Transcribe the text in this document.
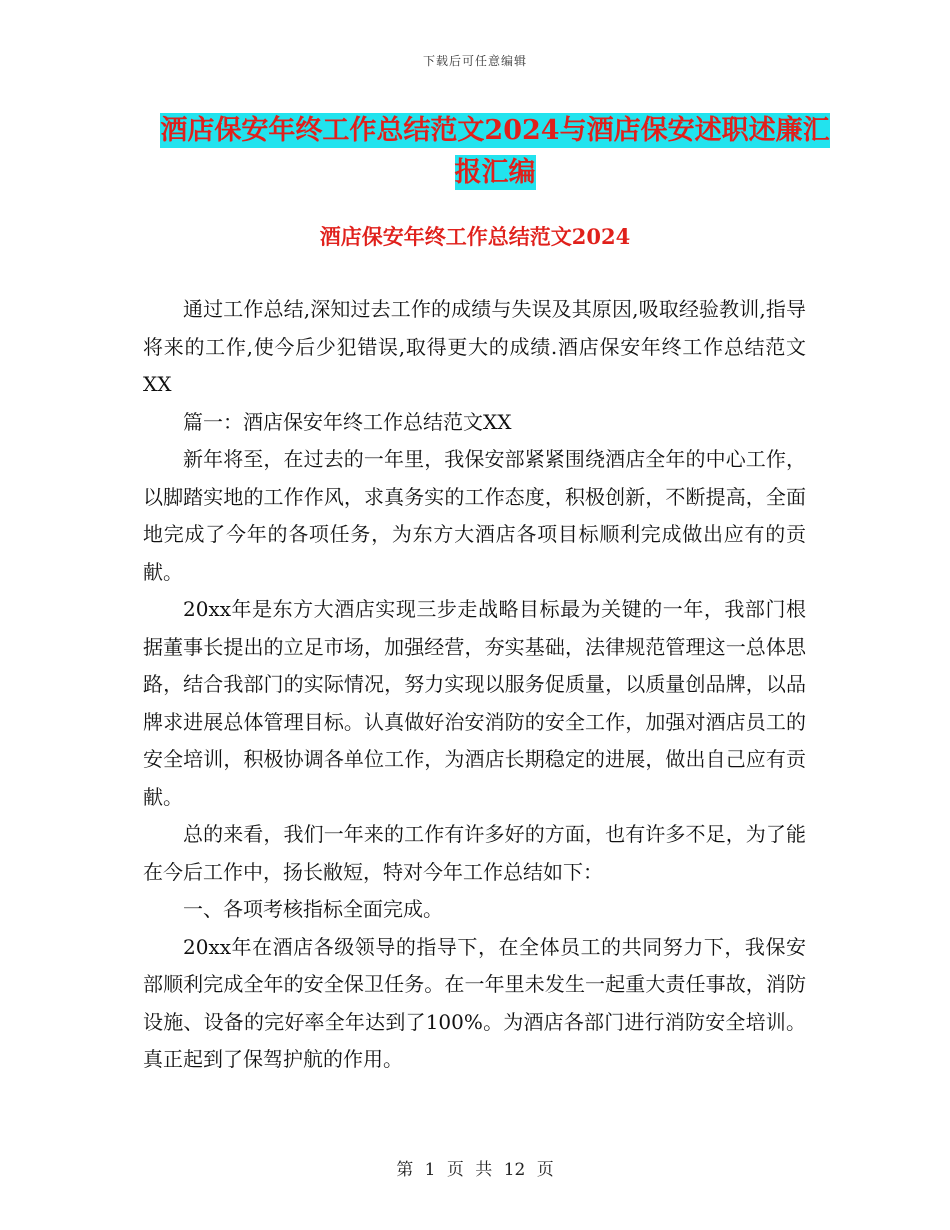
下载后可任意编辑
酒店保安年终工作总结范文2024与酒店保安述职述廉汇报汇编
酒店保安年终工作总结范文2024

通过工作总结,深知过去工作的成绩与失误及其原因,吸取经验教训,指导将来的工作,使今后少犯错误,取得更大的成绩.酒店保安年终工作总结范文XX

篇一：酒店保安年终工作总结范文XX

新年将至，在过去的一年里，我保安部紧紧围绕酒店全年的中心工作，以脚踏实地的工作作风，求真务实的工作态度，积极创新，不断提高，全面地完成了今年的各项任务，为东方大酒店各项目标顺利完成做出应有的贡献。

20xx年是东方大酒店实现三步走战略目标最为关键的一年，我部门根据董事长提出的立足市场，加强经营，夯实基础，法律规范管理这一总体思路，结合我部门的实际情况，努力实现以服务促质量，以质量创品牌，以品牌求进展总体管理目标。认真做好治安消防的安全工作，加强对酒店员工的安全培训，积极协调各单位工作，为酒店长期稳定的进展，做出自己应有贡献。

总的来看，我们一年来的工作有许多好的方面，也有许多不足，为了能在今后工作中，扬长敝短，特对今年工作总结如下：

一、各项考核指标全面完成。

20xx年在酒店各级领导的指导下，在全体员工的共同努力下，我保安部顺利完成全年的安全保卫任务。在一年里未发生一起重大责任事故，消防设施、设备的完好率全年达到了100%。为酒店各部门进行消防安全培训。真正起到了保驾护航的作用。

第 1 页 共 12 页
